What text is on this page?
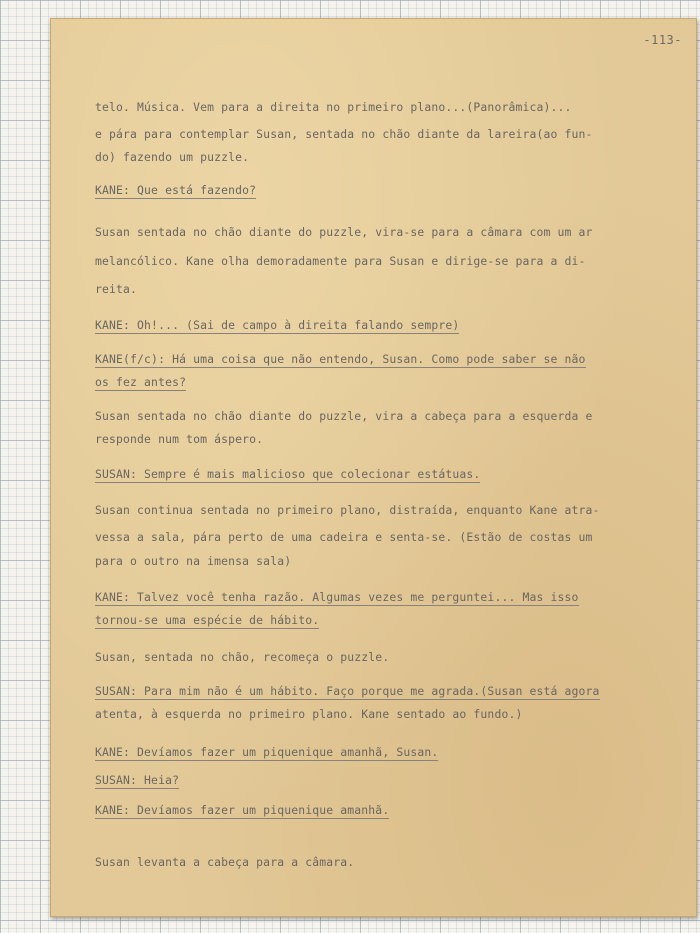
-113-

telo. Música. Vem para a direita no primeiro plano...(Panorâmica)...

e pára para contemplar Susan, sentada no chão diante da lareira(ao fun-

do) fazendo um puzzle.

KANE: Que está fazendo?

Susan sentada no chão diante do puzzle, vira-se para a câmara com um ar

melancólico. Kane olha demoradamente para Susan e dirige-se para a di-

reita.

KANE: Oh!... (Sai de campo à direita falando sempre)

KANE(f/c): Há uma coisa que não entendo, Susan. Como pode saber se não

os fez antes?

Susan sentada no chão diante do puzzle, vira a cabeça para a esquerda e

responde num tom áspero.

SUSAN: Sempre é mais malicioso que colecionar estátuas.

Susan continua sentada no primeiro plano, distraída, enquanto Kane atra-

vessa a sala, pára perto de uma cadeira e senta-se. (Estão de costas um

para o outro na imensa sala)

KANE: Talvez você tenha razão. Algumas vezes me perguntei... Mas isso

tornou-se uma espécie de hábito.

Susan, sentada no chão, recomeça o puzzle.

SUSAN: Para mim não é um hábito. Faço porque me agrada.(Susan está agora

atenta, à esquerda no primeiro plano. Kane sentado ao fundo.)

KANE: Devíamos fazer um piquenique amanhã, Susan.

SUSAN: Heia?

KANE: Devíamos fazer um piquenique amanhã.

Susan levanta a cabeça para a câmara.
